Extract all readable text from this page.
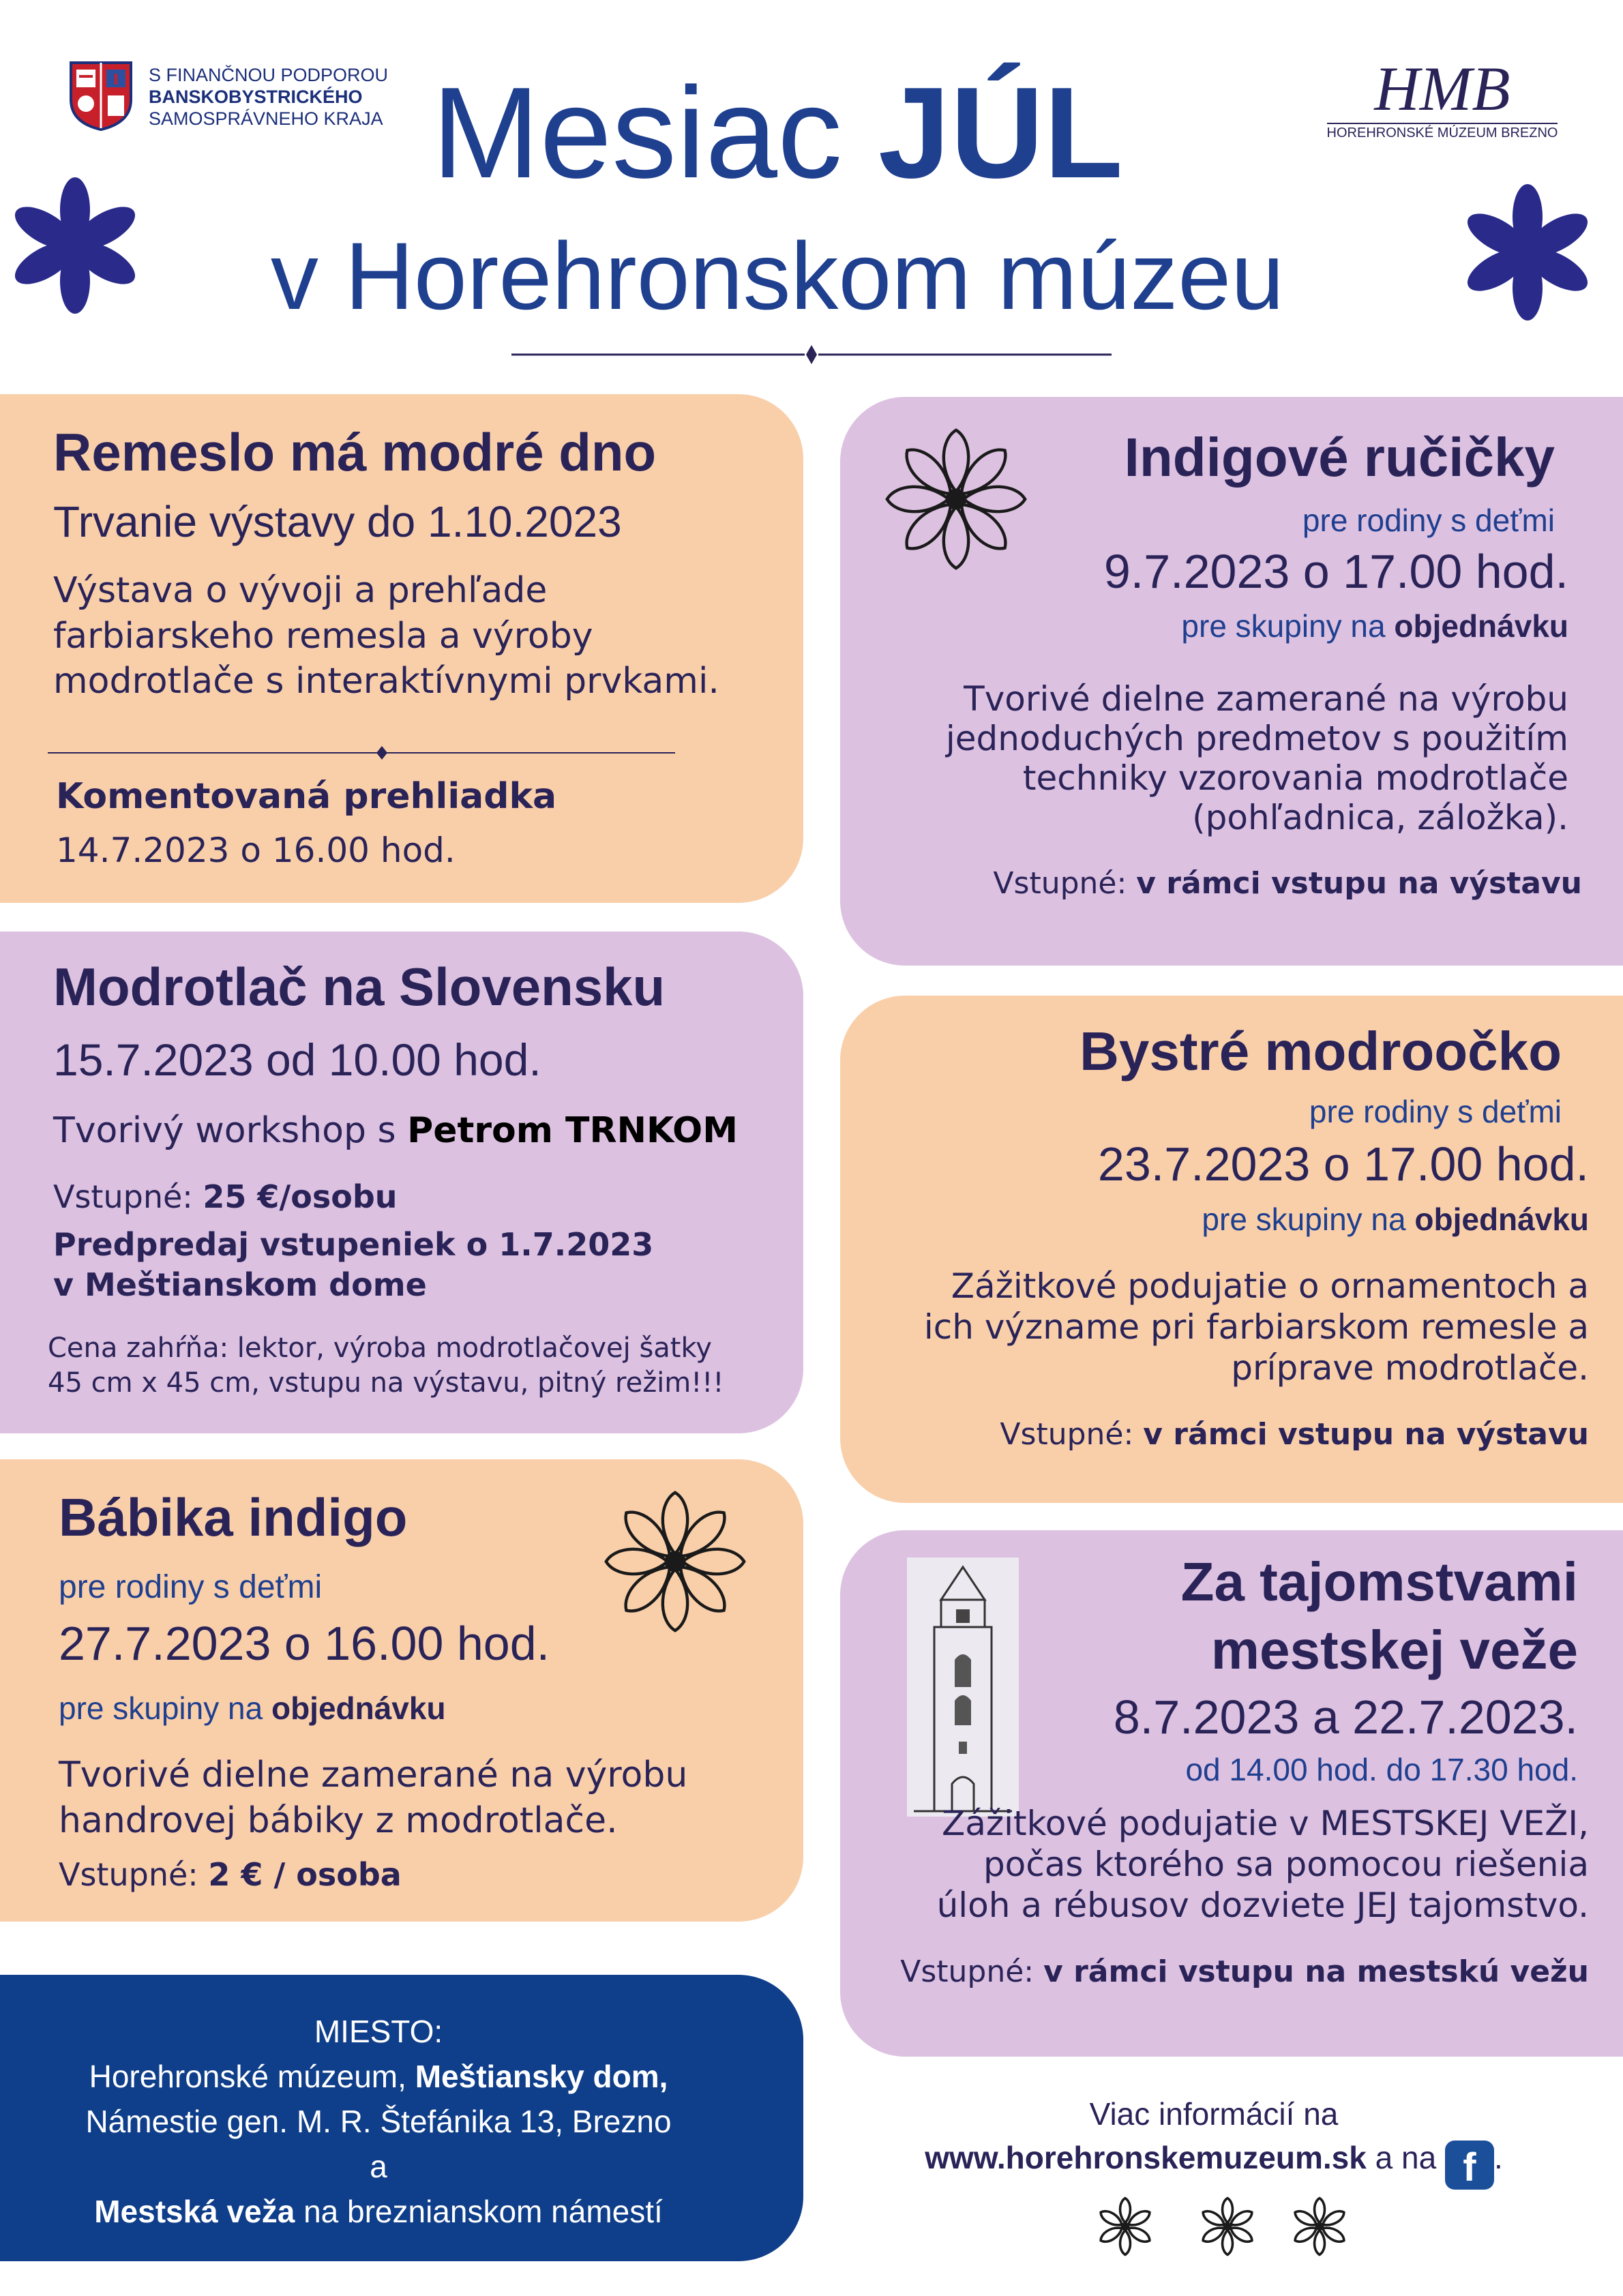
S FINANČNOU PODPOROU
BANSKOBYSTRICKÉHO
SAMOSPRÁVNEHO KRAJA Mesiac JÚL
v Horehronskom múzeu
HMB
HOREHRONSKÉ MÚZEUM BREZNO
Remeslo má modré dno
Trvanie výstavy do 1.10.2023
Výstava o vývoji a prehľade
farbiarskeho remesla a výroby
modrotlače s interaktívnymi prvkami.
Komentovaná prehliadka
14.7.2023 o 16.00 hod.
Modrotlač na Slovensku
15.7.2023 od 10.00 hod.
Tvorivý workshop s Petrom TRNKOM
Vstupné: 25 €/osobu
Predpredaj vstupeniek o 1.7.2023
v Meštianskom dome
Cena zahŕňa: lektor, výroba modrotlačovej šatky
45 cm x 45 cm, vstupu na výstavu, pitný režim!!!
Bábika indigo
pre rodiny s deťmi
27.7.2023 o 16.00 hod.
pre skupiny na objednávku
Tvorivé dielne zamerané na výrobu
handrovej bábiky z modrotlače.
Vstupné: 2 € / osoba
MIESTO:
Horehronské múzeum, Meštiansky dom,
Námestie gen. M. R. Štefánika 13, Brezno
a
Mestská veža na breznianskom námestí
Indigové ručičky
pre rodiny s deťmi
9.7.2023 o 17.00 hod.
pre skupiny na objednávku
Tvorivé dielne zamerané na výrobu
jednoduchých predmetov s použitím
techniky vzorovania modrotlače
(pohľadnica, záložka).
Vstupné: v rámci vstupu na výstavu
Bystré modroočko
pre rodiny s deťmi
23.7.2023 o 17.00 hod.
pre skupiny na objednávku
Zážitkové podujatie o ornamentoch a
ich význame pri farbiarskom remesle a
príprave modrotlače.
Vstupné: v rámci vstupu na výstavu
Za tajomstvami
mestskej veže
8.7.2023 a 22.7.2023.
od 14.00 hod. do 17.30 hod.
Zážitkové podujatie v MESTSKEJ VEŽI,
počas ktorého sa pomocou riešenia
úloh a rébusov dozviete JEJ tajomstvo.
Vstupné: v rámci vstupu na mestskú vežu
Viac informácií na
www.horehronskemuzeum.sk a na f .
